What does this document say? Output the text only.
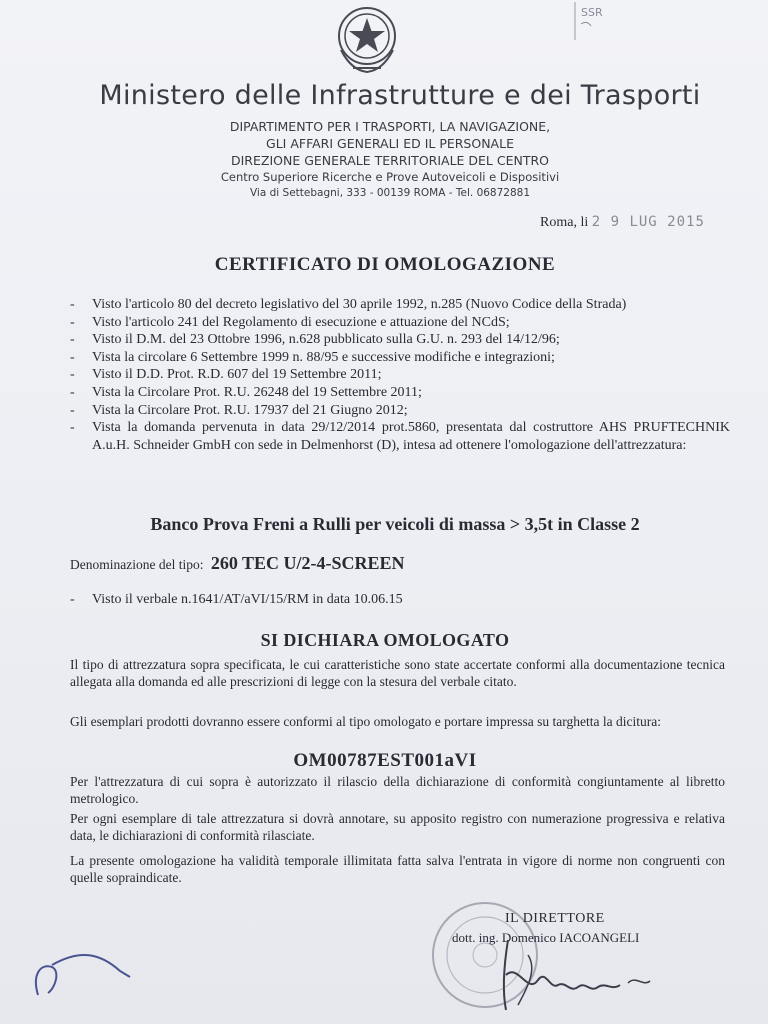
SSR
Ministero delle Infrastrutture e dei Trasporti
DIPARTIMENTO PER I TRASPORTI, LA NAVIGAZIONE,
GLI AFFARI GENERALI ED IL PERSONALE
DIREZIONE GENERALE TERRITORIALE DEL CENTRO
Centro Superiore Ricerche e Prove Autoveicoli e Dispositivi
Via di Settebagni, 333 - 00139 ROMA - Tel. 06872881
Roma, li 2 9 LUG 2015
CERTIFICATO DI OMOLOGAZIONE
- Visto l'articolo 80 del decreto legislativo del 30 aprile 1992, n.285 (Nuovo Codice della Strada)
- Visto l'articolo 241 del Regolamento di esecuzione e attuazione del NCdS;
- Visto il D.M. del 23 Ottobre 1996, n.628 pubblicato sulla G.U. n. 293 del 14/12/96;
- Vista la circolare 6 Settembre 1999 n. 88/95 e successive modifiche e integrazioni;
- Visto il D.D. Prot. R.D. 607 del 19 Settembre 2011;
- Vista la Circolare Prot. R.U. 26248 del 19 Settembre 2011;
- Vista la Circolare Prot. R.U. 17937 del 21 Giugno 2012;
- Vista la domanda pervenuta in data 29/12/2014 prot.5860, presentata dal costruttore AHS PRUFTECHNIK A.u.H. Schneider GmbH con sede in Delmenhorst (D), intesa ad ottenere l'omologazione dell'attrezzatura:
Banco Prova Freni a Rulli per veicoli di massa > 3,5t in Classe 2
Denominazione del tipo: 260 TEC U/2-4-SCREEN
- Visto il verbale n.1641/AT/aVI/15/RM in data 10.06.15
SI DICHIARA OMOLOGATO
Il tipo di attrezzatura sopra specificata, le cui caratteristiche sono state accertate conformi alla documentazione tecnica allegata alla domanda ed alle prescrizioni di legge con la stesura del verbale citato.
Gli esemplari prodotti dovranno essere conformi al tipo omologato e portare impressa su targhetta la dicitura:
OM00787EST001aVI
Per l'attrezzatura di cui sopra è autorizzato il rilascio della dichiarazione di conformità congiuntamente al libretto metrologico.
Per ogni esemplare di tale attrezzatura si dovrà annotare, su apposito registro con numerazione progressiva e relativa data, le dichiarazioni di conformità rilasciate.
La presente omologazione ha validità temporale illimitata fatta salva l'entrata in vigore di norme non congruenti con quelle sopraindicate.
IL DIRETTORE
dott. ing. Domenico IACOANGELI
